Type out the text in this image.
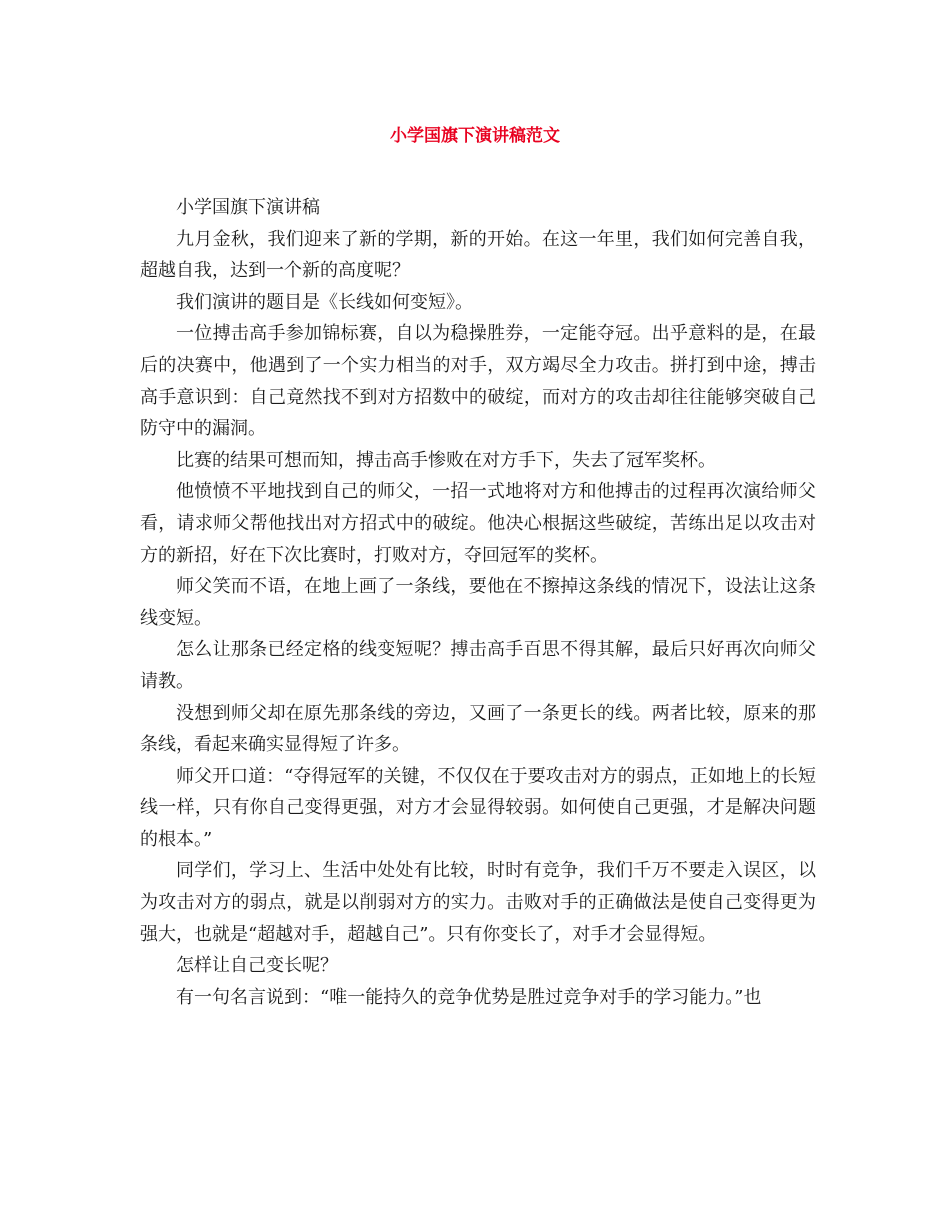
小学国旗下演讲稿范文

小学国旗下演讲稿

九月金秋，我们迎来了新的学期，新的开始。在这一年里，我们如何完善自我，超越自我，达到一个新的高度呢？

我们演讲的题目是《长线如何变短》。

一位搏击高手参加锦标赛，自以为稳操胜券，一定能夺冠。出乎意料的是，在最后的决赛中，他遇到了一个实力相当的对手，双方竭尽全力攻击。拼打到中途，搏击高手意识到：自己竟然找不到对方招数中的破绽，而对方的攻击却往往能够突破自己防守中的漏洞。

比赛的结果可想而知，搏击高手惨败在对方手下，失去了冠军奖杯。

他愤愤不平地找到自己的师父，一招一式地将对方和他搏击的过程再次演给师父看，请求师父帮他找出对方招式中的破绽。他决心根据这些破绽，苦练出足以攻击对方的新招，好在下次比赛时，打败对方，夺回冠军的奖杯。

师父笑而不语，在地上画了一条线，要他在不擦掉这条线的情况下，设法让这条线变短。

怎么让那条已经定格的线变短呢？搏击高手百思不得其解，最后只好再次向师父请教。

没想到师父却在原先那条线的旁边，又画了一条更长的线。两者比较，原来的那条线，看起来确实显得短了许多。

师父开口道：“夺得冠军的关键，不仅仅在于要攻击对方的弱点，正如地上的长短线一样，只有你自己变得更强，对方才会显得较弱。如何使自己更强，才是解决问题的根本。”

同学们，学习上、生活中处处有比较，时时有竞争，我们千万不要走入误区，以为攻击对方的弱点，就是以削弱对方的实力。击败对手的正确做法是使自己变得更为强大，也就是“超越对手，超越自己”。只有你变长了，对手才会显得短。

怎样让自己变长呢？

有一句名言说到：“唯一能持久的竞争优势是胜过竞争对手的学习能力。”也
